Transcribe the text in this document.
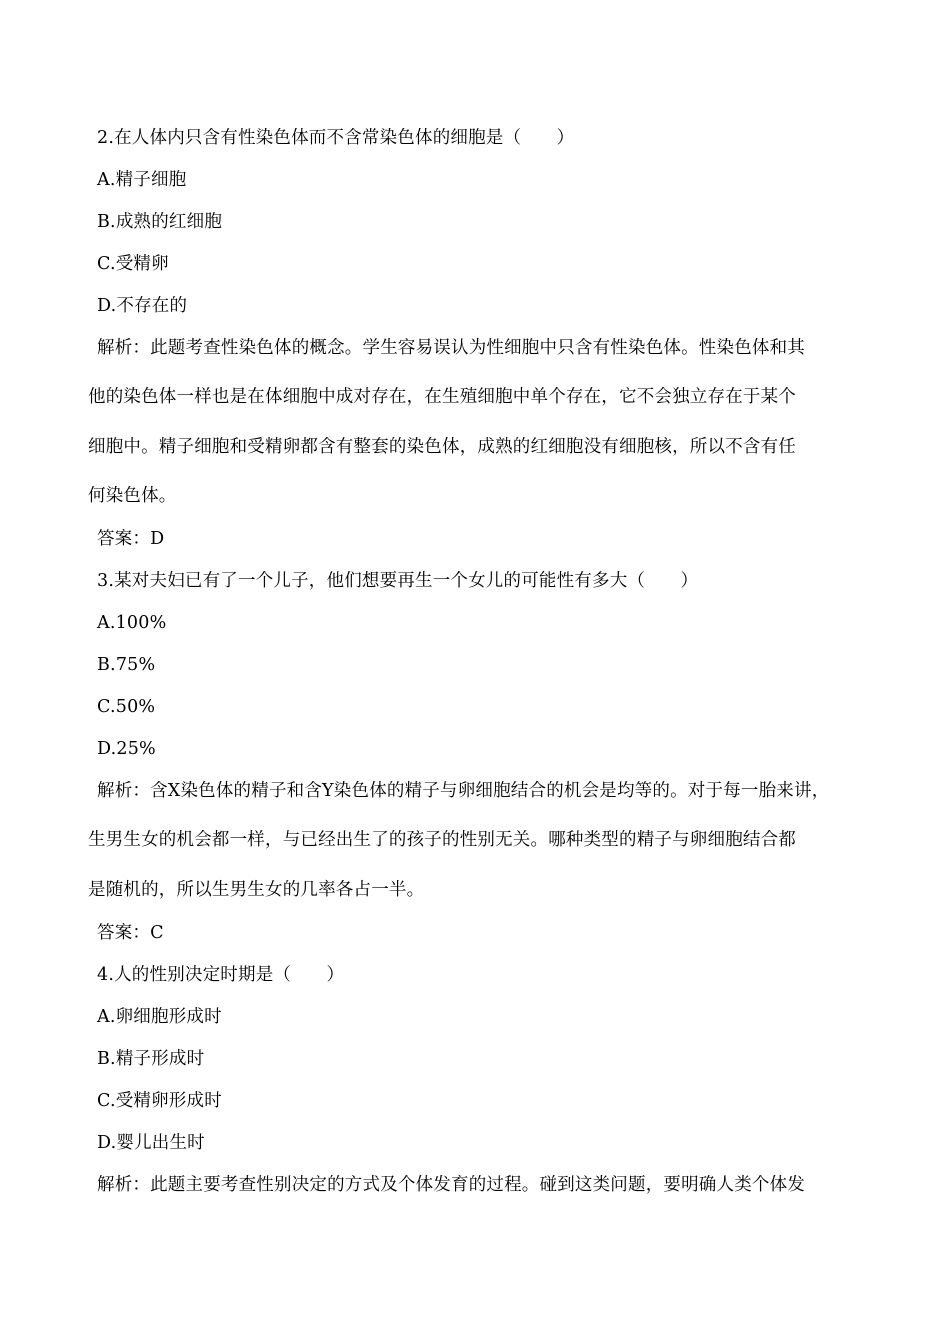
2.在人体内只含有性染色体而不含常染色体的细胞是（　　）
A.精子细胞
B.成熟的红细胞
C.受精卵
D.不存在的
解析：此题考查性染色体的概念。学生容易误认为性细胞中只含有性染色体。性染色体和其
他的染色体一样也是在体细胞中成对存在，在生殖细胞中单个存在，它不会独立存在于某个
细胞中。精子细胞和受精卵都含有整套的染色体，成熟的红细胞没有细胞核，所以不含有任
何染色体。
答案：D
3.某对夫妇已有了一个儿子，他们想要再生一个女儿的可能性有多大（　　）
A.100%
B.75%
C.50%
D.25%
解析：含X染色体的精子和含Y染色体的精子与卵细胞结合的机会是均等的。对于每一胎来讲，
生男生女的机会都一样，与已经出生了的孩子的性别无关。哪种类型的精子与卵细胞结合都
是随机的，所以生男生女的几率各占一半。
答案：C
4.人的性别决定时期是（　　）
A.卵细胞形成时
B.精子形成时
C.受精卵形成时
D.婴儿出生时
解析：此题主要考查性别决定的方式及个体发育的过程。碰到这类问题，要明确人类个体发
